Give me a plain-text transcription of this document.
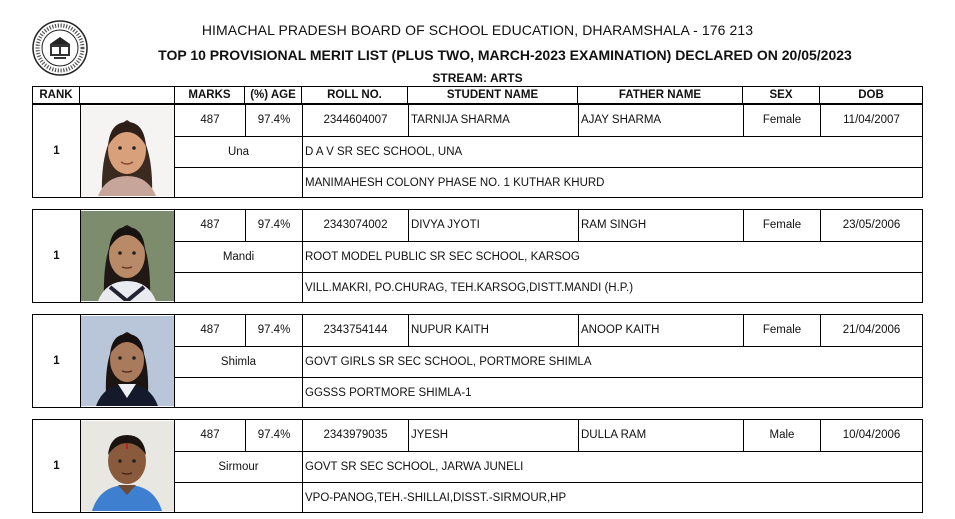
HIMACHAL PRADESH BOARD OF SCHOOL EDUCATION, DHARAMSHALA - 176 213
TOP 10 PROVISIONAL MERIT LIST (PLUS TWO, MARCH-2023 EXAMINATION) DECLARED ON 20/05/2023
STREAM: ARTS
RANK	MARKS	(%) AGE	ROLL NO.	STUDENT NAME	FATHER NAME	SEX	DOB
1
487	97.4%	2344604007	TARNIJA SHARMA	AJAY SHARMA	Female	11/04/2007
Una	D A V SR SEC SCHOOL, UNA
MANIMAHESH COLONY PHASE NO. 1 KUTHAR KHURD
1
487	97.4%	2343074002	DIVYA JYOTI	RAM SINGH	Female	23/05/2006
Mandi	ROOT MODEL PUBLIC SR SEC SCHOOL, KARSOG
VILL.MAKRI, PO.CHURAG, TEH.KARSOG,DISTT.MANDI (H.P.)
1
487	97.4%	2343754144	NUPUR KAITH	ANOOP KAITH	Female	21/04/2006
Shimla	GOVT GIRLS SR SEC SCHOOL, PORTMORE SHIMLA
GGSSS PORTMORE SHIMLA-1
1
487	97.4%	2343979035	JYESH	DULLA RAM	Male	10/04/2006
Sirmour	GOVT SR SEC SCHOOL, JARWA JUNELI
VPO-PANOG,TEH.-SHILLAI,DISST.-SIRMOUR,HP
